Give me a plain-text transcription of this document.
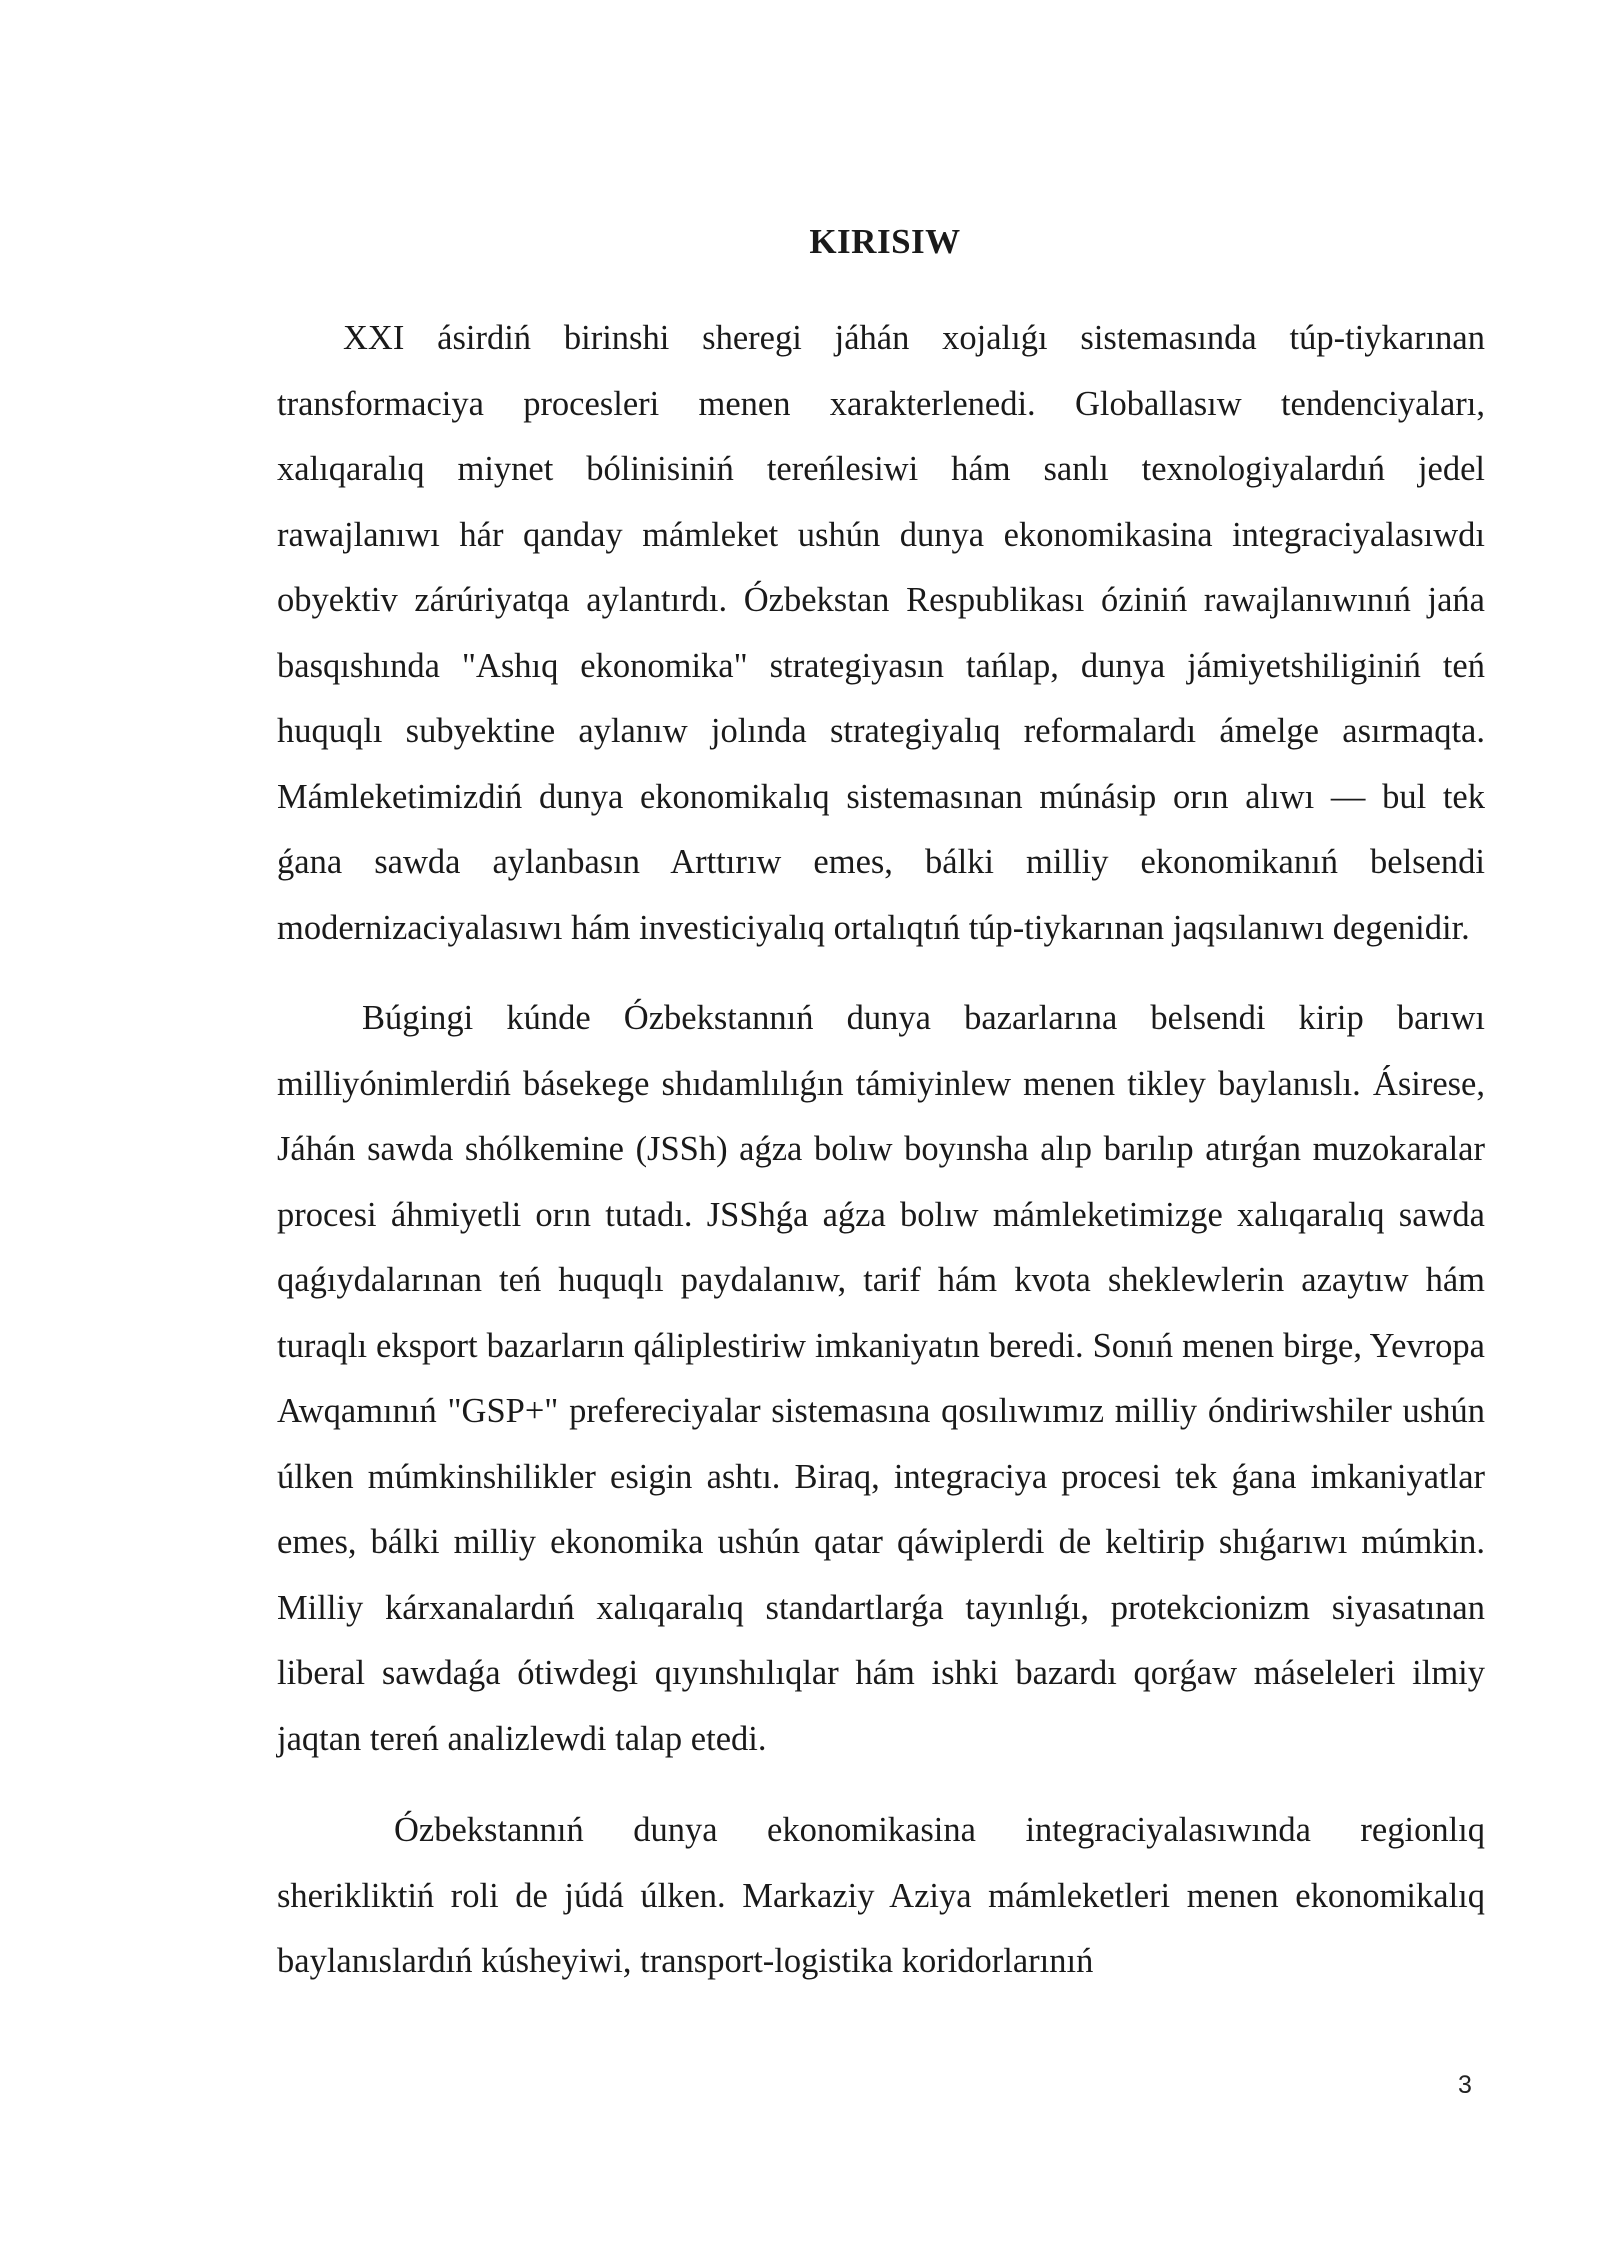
KIRISIW

XXI ásirdiń birinshi sheregi jáhán xojalıǵı sistemasında túp-tiykarınan transformaciya procesleri menen xarakterlenedi. Globallasıw tendenciyaları, xalıqaralıq miynet bólinisiniń tereńlesiwi hám sanlı texnologiyalardıń jedel rawajlanıwı hár qanday mámleket ushún dunya ekonomikasina integraciyalasıwdı obyektiv zárúriyatqa aylantırdı. Ózbekstan Respublikası óziniń rawajlanıwınıń jańa basqıshında "Ashıq ekonomika" strategiyasın tańlap, dunya jámiyetshiliginiń teń huquqlı subyektine aylanıw jolında strategiyalıq reformalardı ámelge asırmaqta. Mámleketimizdiń dunya ekonomikalıq sistemasınan múnásip orın alıwı — bul tek ǵana sawda aylanbasın Arttırıw emes, bálki milliy ekonomikanıń belsendi modernizaciyalasıwı hám investiciyalıq ortalıqtıń túp-tiykarınan jaqsılanıwı degenidir.

Búgingi kúnde Ózbekstannıń dunya bazarlarına belsendi kirip barıwı milliyónimlerdiń básekege shıdamlılıǵın támiyinlew menen tikley baylanıslı. Ásirese, Jáhán sawda shólkemine (JSSh) aǵza bolıw boyınsha alıp barılıp atırǵan muzokaralar procesi áhmiyetli orın tutadı. JSShǵa aǵza bolıw mámleketimizge xalıqaralıq sawda qaǵıydalarınan teń huquqlı paydalanıw, tarif hám kvota sheklewlerin azaytıw hám turaqlı eksport bazarların qáliplestiriw imkaniyatın beredi. Sonıń menen birge, Yevropa Awqamınıń "GSP+" prefereciyalar sistemasına qosılıwımız milliy óndiriwshiler ushún úlken múmkinshilikler esigin ashtı. Biraq, integraciya procesi tek ǵana imkaniyatlar emes, bálki milliy ekonomika ushún qatar qáwiplerdi de keltirip shıǵarıwı múmkin. Milliy kárxanalardıń xalıqaralıq standartlarǵa tayınlıǵı, protekcionizm siyasatınan liberal sawdaǵa ótiwdegi qıyınshılıqlar hám ishki bazardı qorǵaw máseleleri ilmiy jaqtan tereń analizlewdi talap etedi.

Ózbekstannıń dunya ekonomikasina integraciyalasıwında regionlıq sherikliktiń roli de júdá úlken. Markaziy Aziya mámleketleri menen ekonomikalıq baylanıslardıń kúsheyiwi, transport-logistika koridorlarınıń

3
